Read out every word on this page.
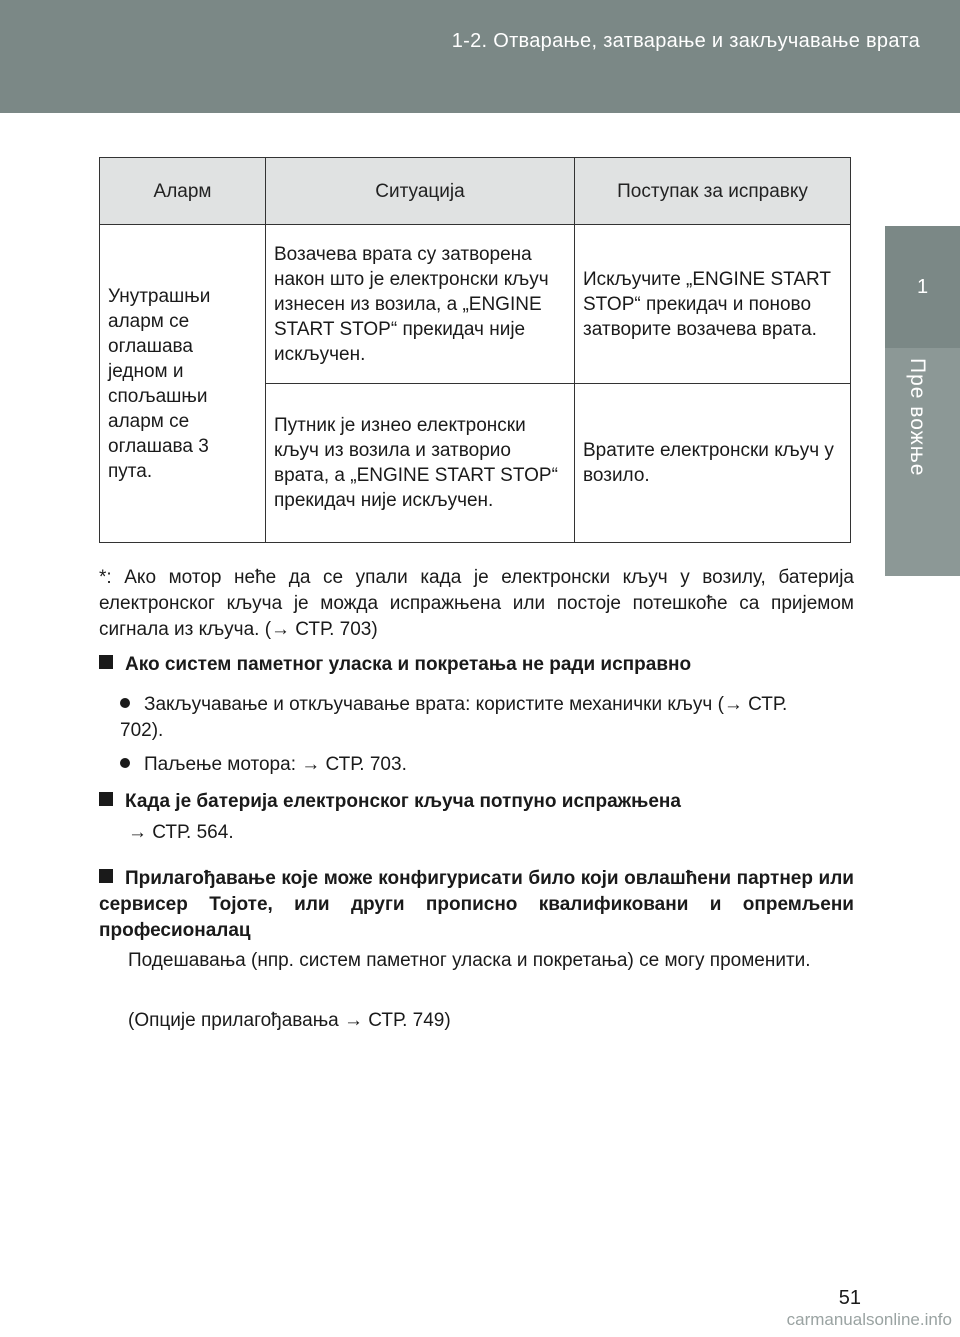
1-2. Отварање, затварање и закључавање врата
1
Пре вожње
Аларм	Ситуација	Поступак за исправку
Унутрашњи аларм се оглашава једном и спољашњи аларм се оглашава 3 пута.	Возачева врата су затворена након што је електронски кључ изнесен из возила, а „ENGINE START STOP“ прекидач није искључен.	Искључите „ENGINE START STOP“ прекидач и поново затворите возачева врата.
	Путник је изнео електронски кључ из возила и затворио врата, а „ENGINE START STOP“ прекидач није искључен.	Вратите електронски кључ у возило.
*: Ако мотор неће да се упали када је електронски кључ у возилу, батерија електронског кључа је можда испражњена или постоје потешкоће са пријемом сигнала из кључа. (→ СТР. 703)
Ако систем паметног уласка и покретања не ради исправно
Закључавање и откључавање врата: користите механички кључ (→ СТР. 702).
Паљење мотора: → СТР. 703.
Када је батерија електронског кључа потпуно испражњена
→ СТР. 564.
Прилагођавање које може конфигурисати било који овлашћени партнер или сервисер Тојоте, или други прописно квалификовани и опремљени професионалац
Подешавања (нпр. систем паметног уласка и покретања) се могу променити.
(Опције прилагођавања → СТР. 749)
51
carmanualsonline.info
